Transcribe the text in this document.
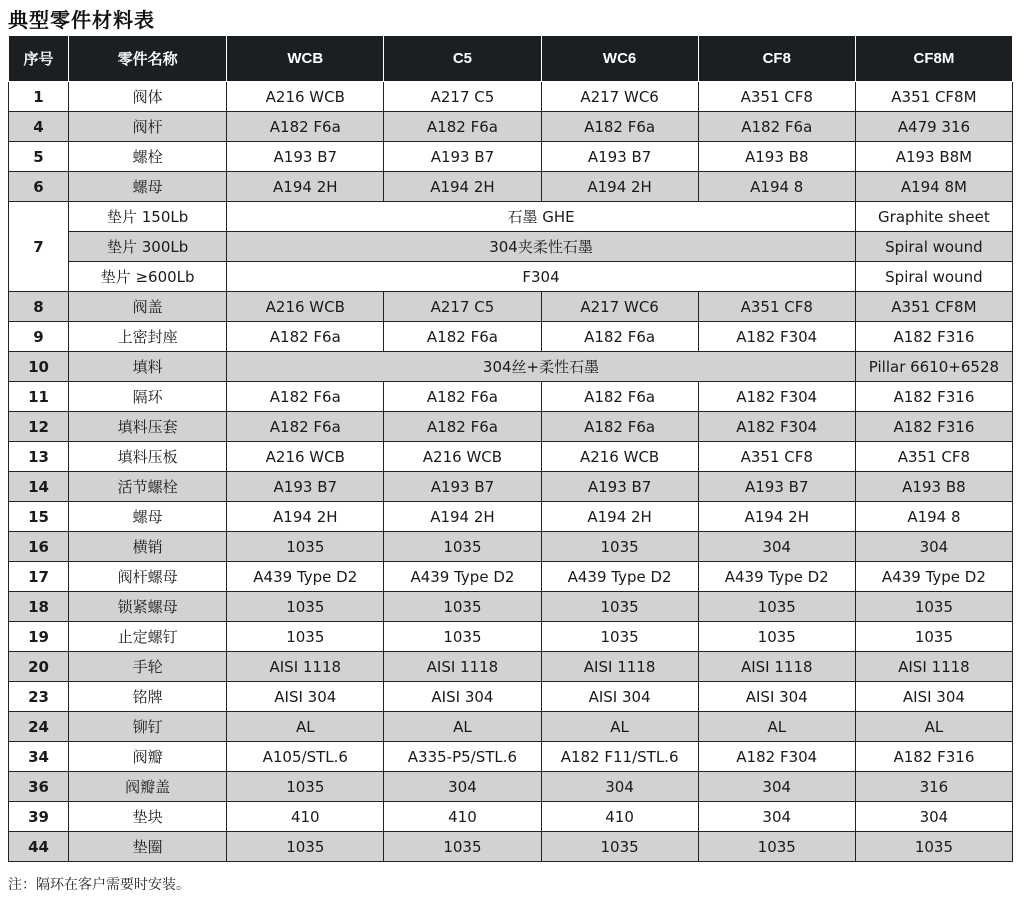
典型零件材料表
序号	零件名称	WCB	C5	WC6	CF8	CF8M
1	阀体	A216 WCB	A217 C5	A217 WC6	A351 CF8	A351 CF8M
4	阀杆	A182 F6a	A182 F6a	A182 F6a	A182 F6a	A479 316
5	螺栓	A193 B7	A193 B7	A193 B7	A193 B8	A193 B8M
6	螺母	A194 2H	A194 2H	A194 2H	A194 8	A194 8M
7	垫片 150Lb	石墨 GHE				Graphite sheet
	垫片 300Lb	304夹柔性石墨				Spiral wound
	垫片 ≥600Lb	F304				Spiral wound
8	阀盖	A216 WCB	A217 C5	A217 WC6	A351 CF8	A351 CF8M
9	上密封座	A182 F6a	A182 F6a	A182 F6a	A182 F304	A182 F316
10	填料	304丝+柔性石墨				Pillar 6610+6528
11	隔环	A182 F6a	A182 F6a	A182 F6a	A182 F304	A182 F316
12	填料压套	A182 F6a	A182 F6a	A182 F6a	A182 F304	A182 F316
13	填料压板	A216 WCB	A216 WCB	A216 WCB	A351 CF8	A351 CF8
14	活节螺栓	A193 B7	A193 B7	A193 B7	A193 B7	A193 B8
15	螺母	A194 2H	A194 2H	A194 2H	A194 2H	A194 8
16	横销	1035	1035	1035	304	304
17	阀杆螺母	A439 Type D2	A439 Type D2	A439 Type D2	A439 Type D2	A439 Type D2
18	锁紧螺母	1035	1035	1035	1035	1035
19	止定螺钉	1035	1035	1035	1035	1035
20	手轮	AISI 1118	AISI 1118	AISI 1118	AISI 1118	AISI 1118
23	铭牌	AISI 304	AISI 304	AISI 304	AISI 304	AISI 304
24	铆钉	AL	AL	AL	AL	AL
34	阀瓣	A105/STL.6	A335-P5/STL.6	A182 F11/STL.6	A182 F304	A182 F316
36	阀瓣盖	1035	304	304	304	316
39	垫块	410	410	410	304	304
44	垫圈	1035	1035	1035	1035	1035
注：隔环在客户需要时安装。
